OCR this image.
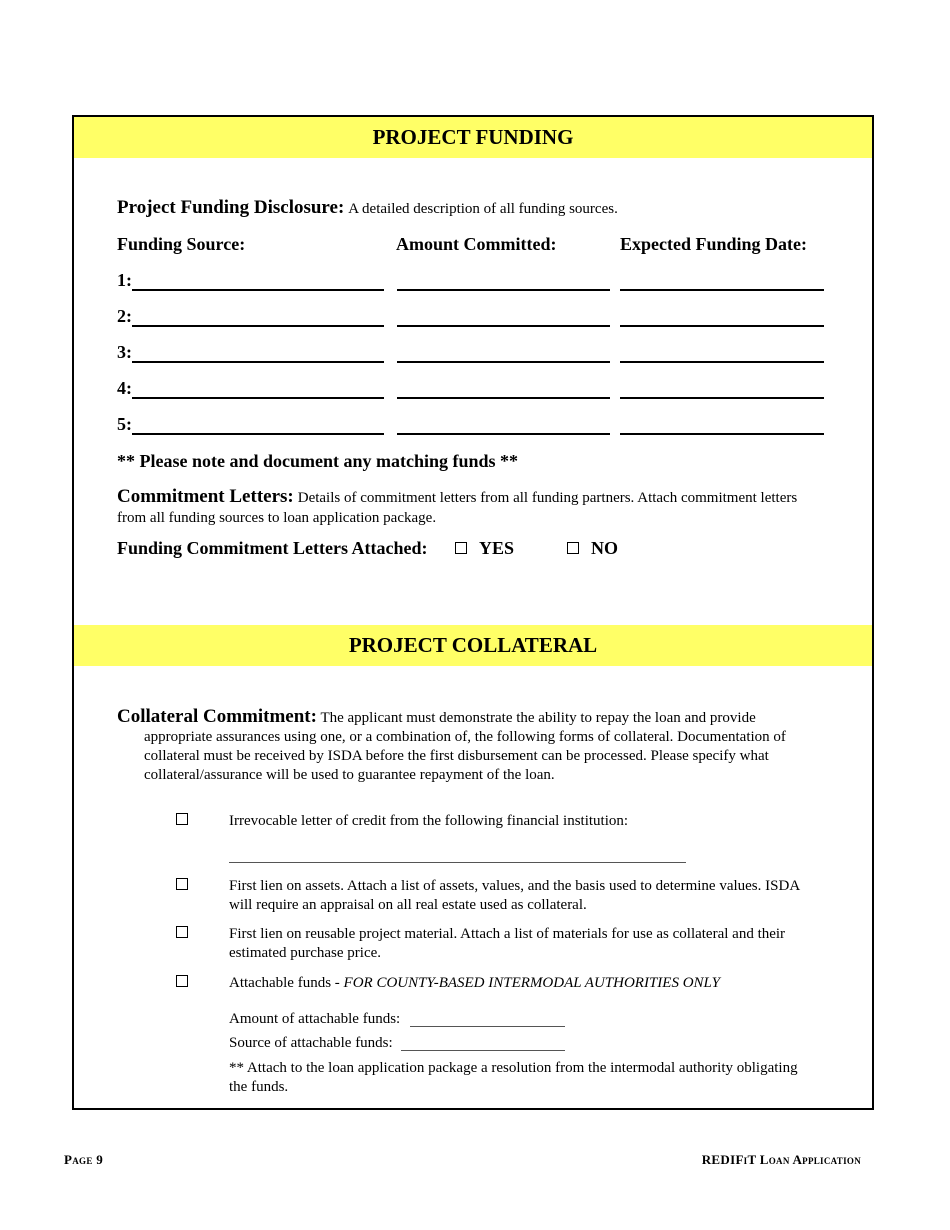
PROJECT FUNDING
Project Funding Disclosure: A detailed description of all funding sources.
Funding Source:	Amount Committed:	Expected Funding Date:
1:
2:
3:
4:
5:
** Please note and document any matching funds **
Commitment Letters: Details of commitment letters from all funding partners. Attach commitment letters
from all funding sources to loan application package.
Funding Commitment Letters Attached:	YES	NO
PROJECT COLLATERAL
Collateral Commitment: The applicant must demonstrate the ability to repay the loan and provide
appropriate assurances using one, or a combination of, the following forms of collateral. Documentation of
collateral must be received by ISDA before the first disbursement can be processed. Please specify what
collateral/assurance will be used to guarantee repayment of the loan.
Irrevocable letter of credit from the following financial institution:
First lien on assets. Attach a list of assets, values, and the basis used to determine values. ISDA
will require an appraisal on all real estate used as collateral.
First lien on reusable project material. Attach a list of materials for use as collateral and their
estimated purchase price.
Attachable funds - FOR COUNTY-BASED INTERMODAL AUTHORITIES ONLY
Amount of attachable funds:
Source of attachable funds:
** Attach to the loan application package a resolution from the intermodal authority obligating
the funds.
Page 9	REDIFiT Loan Application
